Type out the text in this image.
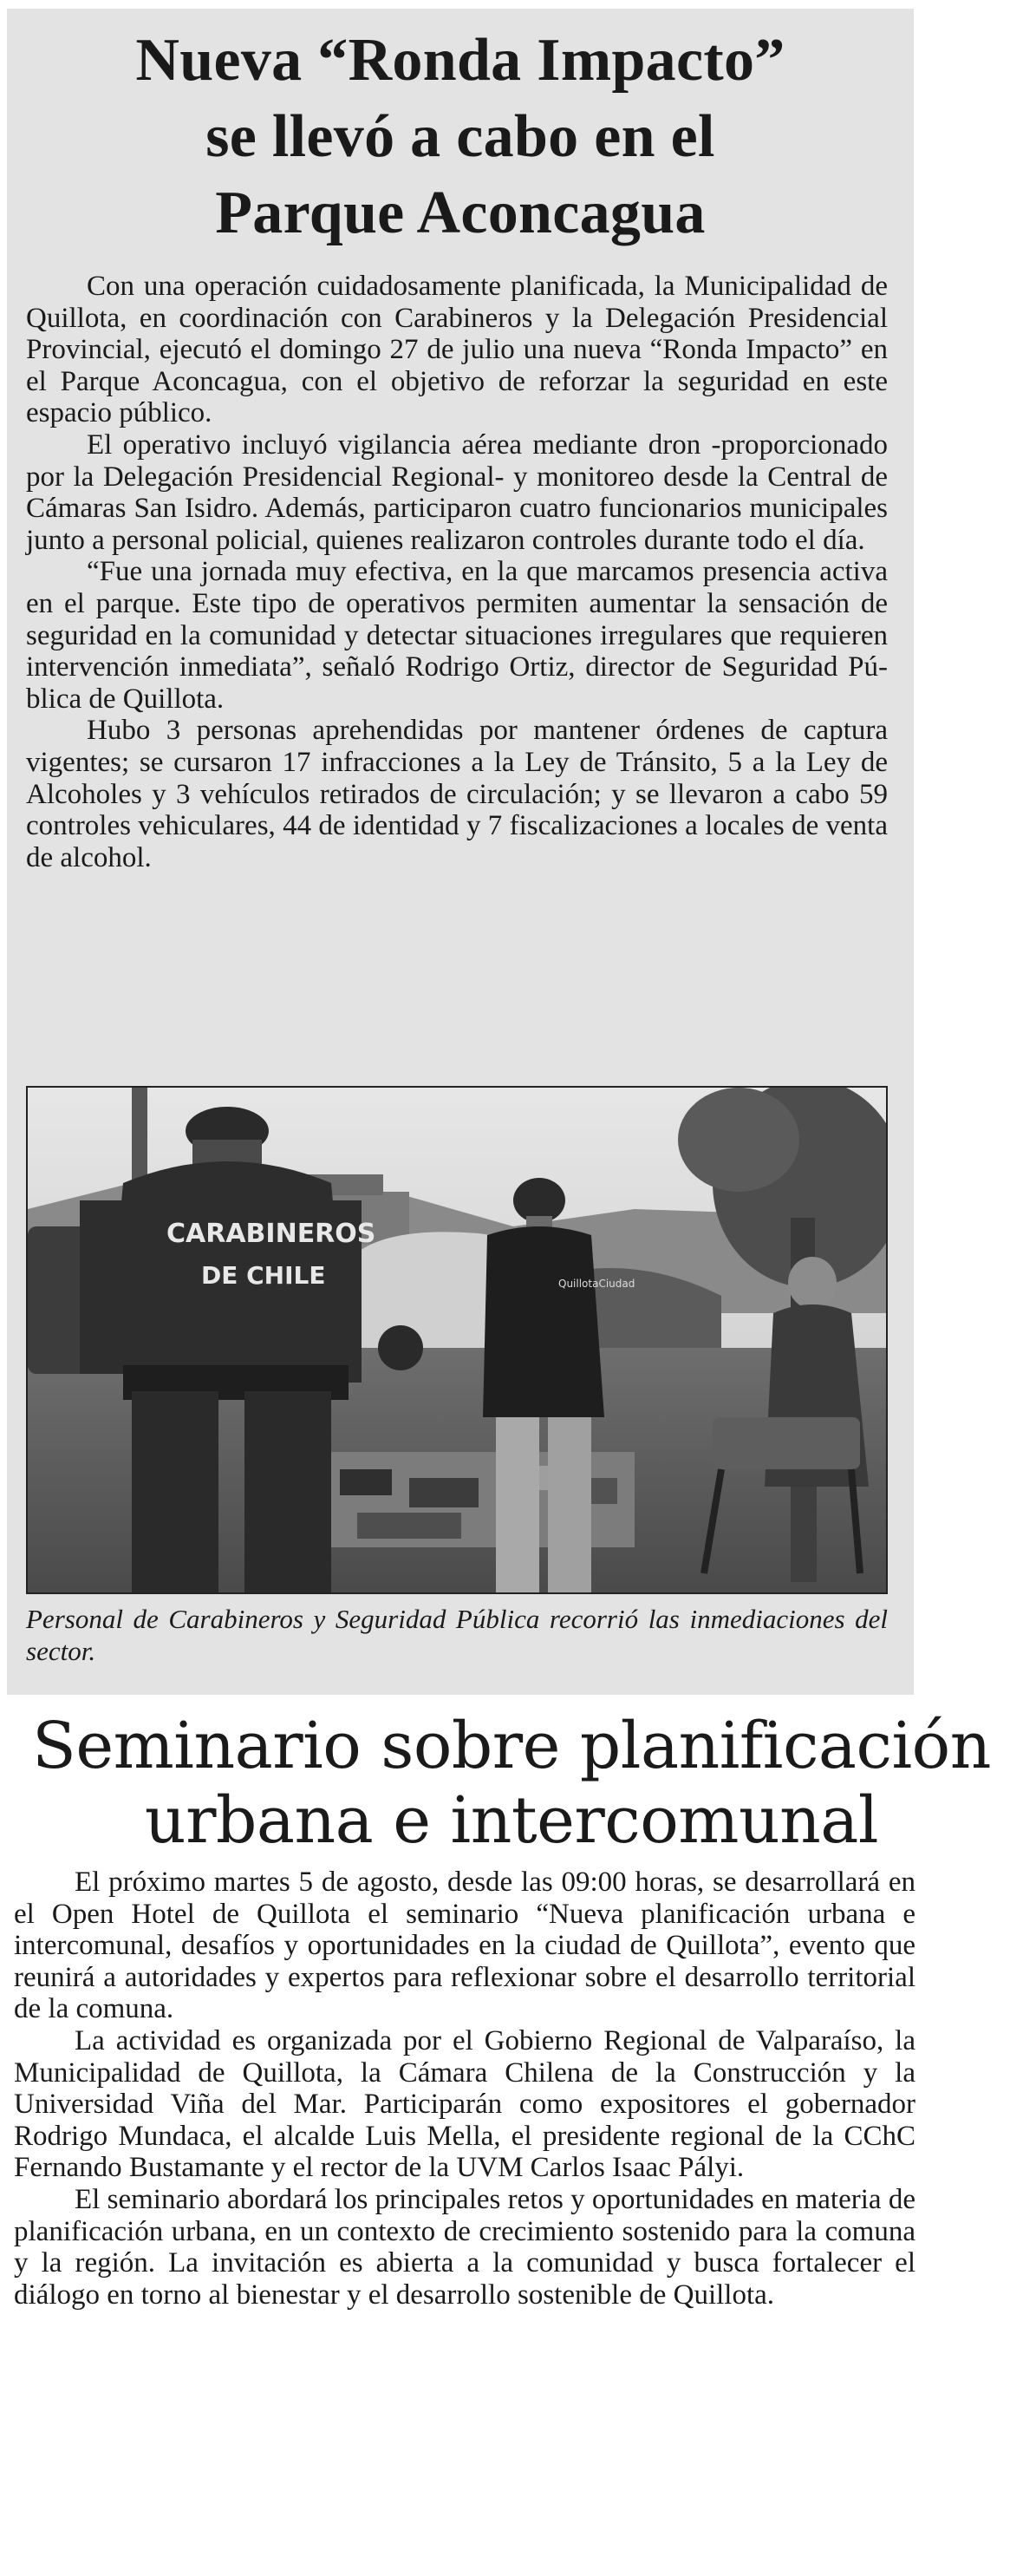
Nueva “Ronda Impacto”
se llevó a cabo en el
Parque Aconcagua

Con una operación cuidadosamente planificada, la Municipalidad de Quillota, en coordinación con Carabineros y la Delegación Presidencial Provincial, ejecutó el domingo 27 de julio una nueva “Ronda Impacto” en el Parque Aconcagua, con el objetivo de reforzar la seguridad en este espacio público.

El operativo incluyó vigilancia aérea mediante dron -proporcionado por la Delegación Presidencial Regional- y monitoreo desde la Central de Cámaras San Isidro. Además, participaron cuatro funcionarios municipales junto a personal policial, quienes realizaron controles durante todo el día.

“Fue una jornada muy efectiva, en la que marcamos presencia activa en el parque. Este tipo de operativos permiten aumentar la sensación de seguridad en la comunidad y detectar situaciones irregulares que requieren intervención inmediata”, señaló Rodrigo Ortiz, director de Seguridad Pública de Quillota.

Hubo 3 personas aprehendidas por mantener órdenes de captura vigentes; se cursaron 17 infracciones a la Ley de Tránsito, 5 a la Ley de Alcoholes y 3 vehículos retirados de circulación; y se llevaron a cabo 59 controles vehiculares, 44 de identidad y 7 fiscalizaciones a locales de venta de alcohol.

CARABINEROS
DE CHILE	QuillotaCiudad
Personal de Carabineros y Seguridad Pública recorrió las inmediaciones del sector.
Seminario sobre planificación
urbana e intercomunal

El próximo martes 5 de agosto, desde las 09:00 horas, se desarrollará en el Open Hotel de Quillota el seminario “Nueva planificación urbana e intercomunal, desafíos y oportunidades en la ciudad de Quillota”, evento que reunirá a autoridades y expertos para reflexionar sobre el desarrollo territorial de la comuna.

La actividad es organizada por el Gobierno Regional de Valparaíso, la Municipalidad de Quillota, la Cámara Chilena de la Construcción y la Universidad Viña del Mar. Participarán como expositores el gobernador Rodrigo Mundaca, el alcalde Luis Mella, el presidente regional de la CChC Fernando Bustamante y el rector de la UVM Carlos Isaac Pályi.

El seminario abordará los principales retos y oportunidades en materia de planificación urbana, en un contexto de crecimiento sostenido para la comuna y la región. La invitación es abierta a la comunidad y busca fortalecer el diálogo en torno al bienestar y el desarrollo sostenible de Quillota.
